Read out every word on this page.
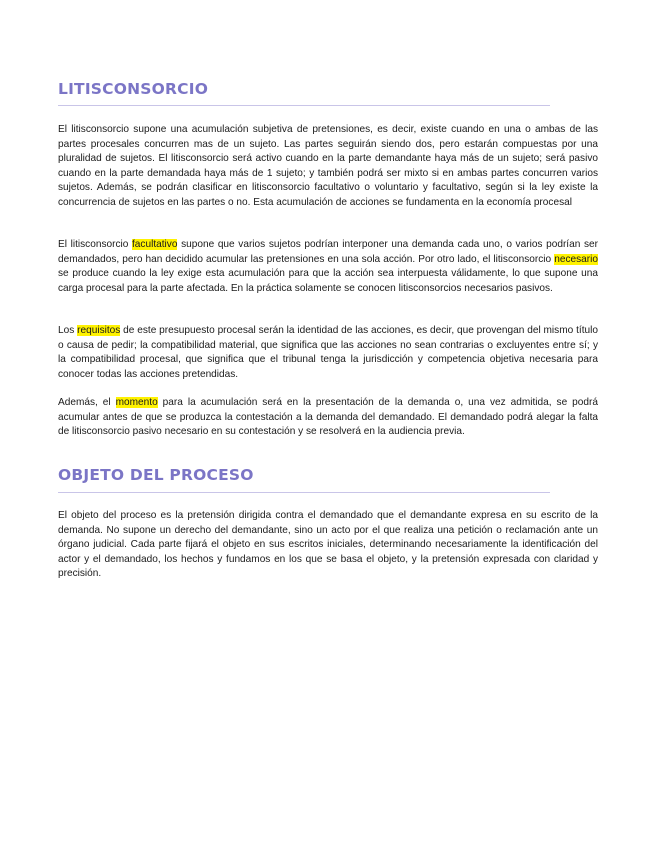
LITISCONSORCIO

El litisconsorcio supone una acumulación subjetiva de pretensiones, es decir, existe cuando en una o ambas de las partes procesales concurren mas de un sujeto. Las partes seguirán siendo dos, pero estarán compuestas por una pluralidad de sujetos. El litisconsorcio será activo cuando en la parte demandante haya más de un sujeto; será pasivo cuando en la parte demandada haya más de 1 sujeto; y también podrá ser mixto si en ambas partes concurren varios sujetos. Además, se podrán clasificar en litisconsorcio facultativo o voluntario y facultativo, según si la ley existe la concurrencia de sujetos en las partes o no. Esta acumulación de acciones se fundamenta en la economía procesal

El litisconsorcio facultativo supone que varios sujetos podrían interponer una demanda cada uno, o varios podrían ser demandados, pero han decidido acumular las pretensiones en una sola acción. Por otro lado, el litisconsorcio necesario se produce cuando la ley exige esta acumulación para que la acción sea interpuesta válidamente, lo que supone una carga procesal para la parte afectada. En la práctica solamente se conocen litisconsorcios necesarios pasivos.

Los requisitos de este presupuesto procesal serán la identidad de las acciones, es decir, que provengan del mismo título o causa de pedir; la compatibilidad material, que significa que las acciones no sean contrarias o excluyentes entre sí; y la compatibilidad procesal, que significa que el tribunal tenga la jurisdicción y competencia objetiva necesaria para conocer todas las acciones pretendidas.

Además, el momento para la acumulación será en la presentación de la demanda o, una vez admitida, se podrá acumular antes de que se produzca la contestación a la demanda del demandado. El demandado podrá alegar la falta de litisconsorcio pasivo necesario en su contestación y se resolverá en la audiencia previa.

OBJETO DEL PROCESO

El objeto del proceso es la pretensión dirigida contra el demandado que el demandante expresa en su escrito de la demanda. No supone un derecho del demandante, sino un acto por el que realiza una petición o reclamación ante un órgano judicial. Cada parte fijará el objeto en sus escritos iniciales, determinando necesariamente la identificación del actor y el demandado, los hechos y fundamos en los que se basa el objeto, y la pretensión expresada con claridad y precisión.
